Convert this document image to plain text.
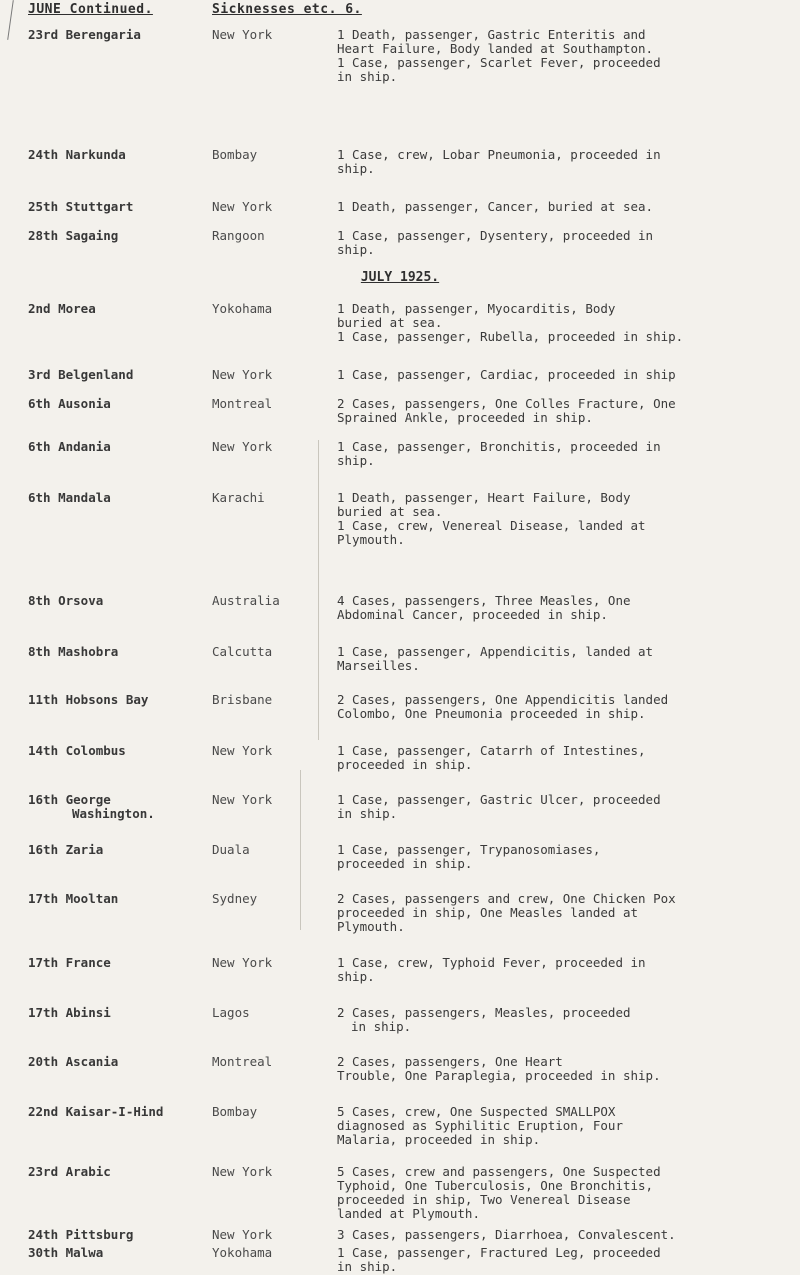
JUNE Continued.	Sicknesses etc. 6.
23rd Berengaria	New York	1 Death, passenger, Gastric Enteritis and
Heart Failure, Body landed at Southampton.
1 Case, passenger, Scarlet Fever, proceeded
in ship.
24th Narkunda	Bombay	1 Case, crew, Lobar Pneumonia, proceeded in
ship.
25th Stuttgart	New York	1 Death, passenger, Cancer, buried at sea.
28th Sagaing	Rangoon	1 Case, passenger, Dysentery, proceeded in
ship.
JULY 1925.
2nd Morea	Yokohama	1 Death, passenger, Myocarditis, Body
buried at sea.
1 Case, passenger, Rubella, proceeded in ship.
3rd Belgenland	New York	1 Case, passenger, Cardiac, proceeded in ship
6th Ausonia	Montreal	2 Cases, passengers, One Colles Fracture, One
Sprained Ankle, proceeded in ship.
6th Andania	New York	1 Case, passenger, Bronchitis, proceeded in
ship.
6th Mandala	Karachi	1 Death, passenger, Heart Failure, Body
buried at sea.
1 Case, crew, Venereal Disease, landed at
Plymouth.
8th Orsova	Australia	4 Cases, passengers, Three Measles, One
Abdominal Cancer, proceeded in ship.
8th Mashobra	Calcutta	1 Case, passenger, Appendicitis, landed at
Marseilles.
11th Hobsons Bay	Brisbane	2 Cases, passengers, One Appendicitis landed
Colombo, One Pneumonia proceeded in ship.
14th Colombus	New York	1 Case, passenger, Catarrh of Intestines,
proceeded in ship.
16th George
Washington.
New York	1 Case, passenger, Gastric Ulcer, proceeded
in ship.
16th Zaria	Duala	1 Case, passenger, Trypanosomiases,
proceeded in ship.
17th Mooltan	Sydney	2 Cases, passengers and crew, One Chicken Pox
proceeded in ship, One Measles landed at
Plymouth.
17th France	New York	1 Case, crew, Typhoid Fever, proceeded in
ship.
17th Abinsi	Lagos	2 Cases, passengers, Measles, proceeded
in ship.
20th Ascania	Montreal	2 Cases, passengers, One Heart
Trouble, One Paraplegia, proceeded in ship.
22nd Kaisar-I-Hind	Bombay	5 Cases, crew, One Suspected SMALLPOX
diagnosed as Syphilitic Eruption, Four
Malaria, proceeded in ship.
23rd Arabic	New York	5 Cases, crew and passengers, One Suspected
Typhoid, One Tuberculosis, One Bronchitis,
proceeded in ship, Two Venereal Disease
landed at Plymouth.
24th Pittsburg	New York	3 Cases, passengers, Diarrhoea, Convalescent.
30th Malwa	Yokohama	1 Case, passenger, Fractured Leg, proceeded
in ship.
